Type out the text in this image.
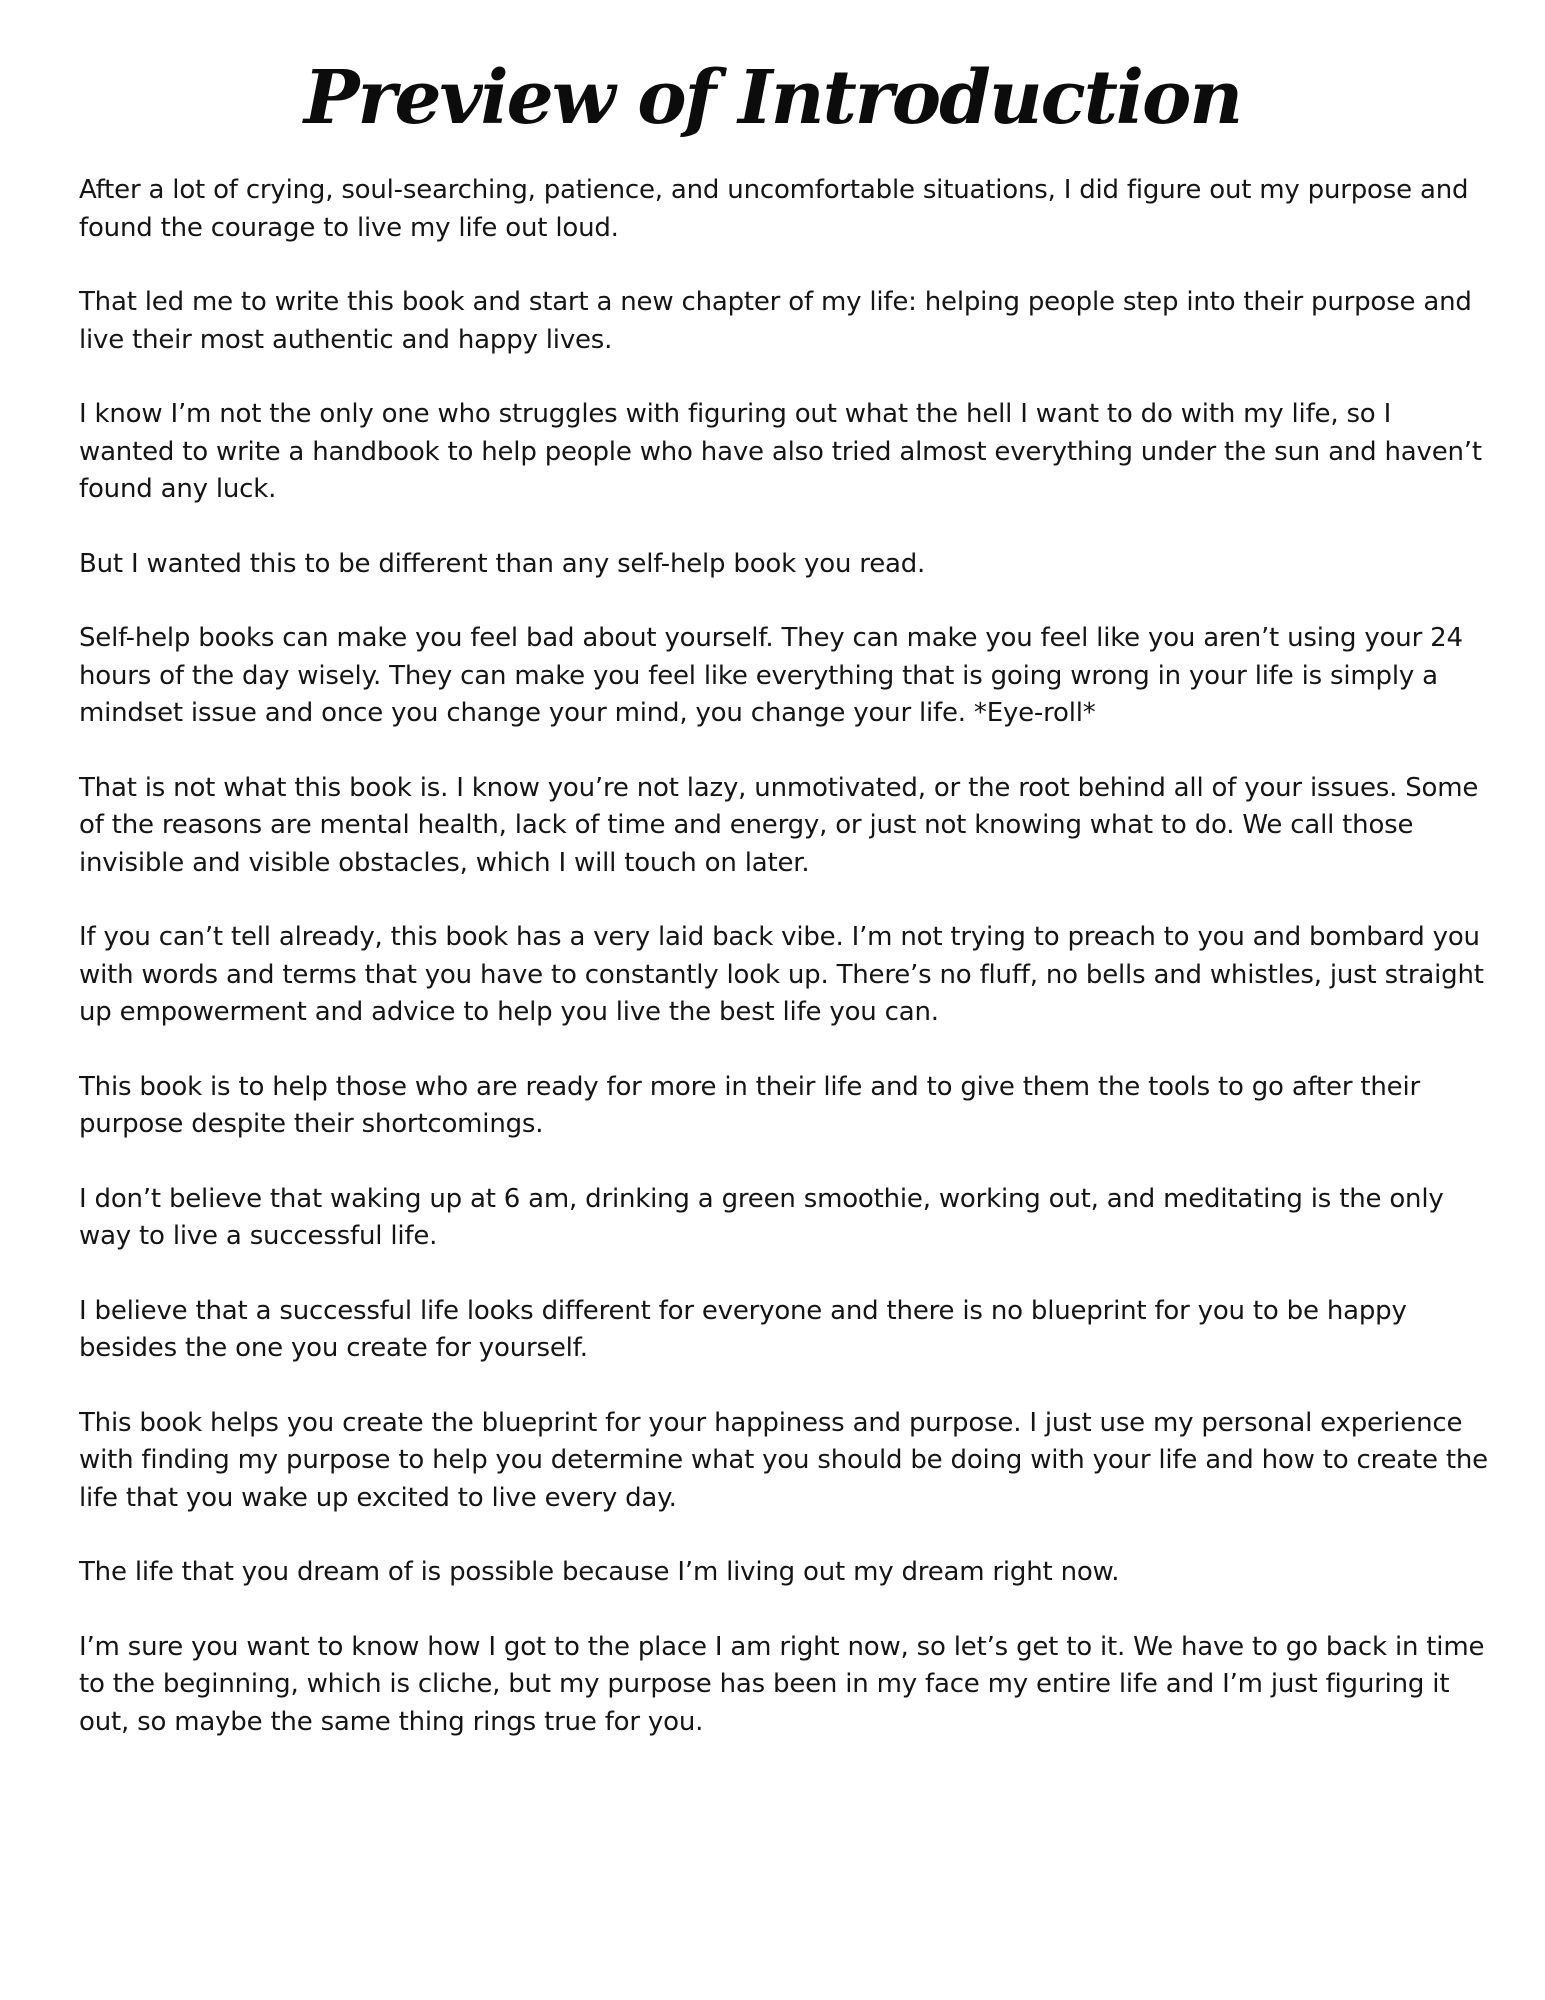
Preview of Introduction

After a lot of crying, soul-searching, patience, and uncomfortable situations, I did figure out my purpose and found the courage to live my life out loud.

That led me to write this book and start a new chapter of my life: helping people step into their purpose and live their most authentic and happy lives.

I know I’m not the only one who struggles with figuring out what the hell I want to do with my life, so I wanted to write a handbook to help people who have also tried almost everything under the sun and haven’t found any luck.

But I wanted this to be different than any self-help book you read.

Self-help books can make you feel bad about yourself. They can make you feel like you aren’t using your 24 hours of the day wisely. They can make you feel like everything that is going wrong in your life is simply a mindset issue and once you change your mind, you change your life. *Eye-roll*

That is not what this book is. I know you’re not lazy, unmotivated, or the root behind all of your issues. Some of the reasons are mental health, lack of time and energy, or just not knowing what to do. We call those invisible and visible obstacles, which I will touch on later.

If you can’t tell already, this book has a very laid back vibe. I’m not trying to preach to you and bombard you with words and terms that you have to constantly look up. There’s no fluff, no bells and whistles, just straight up empowerment and advice to help you live the best life you can.

This book is to help those who are ready for more in their life and to give them the tools to go after their purpose despite their shortcomings.

I don’t believe that waking up at 6 am, drinking a green smoothie, working out, and meditating is the only way to live a successful life.

I believe that a successful life looks different for everyone and there is no blueprint for you to be happy besides the one you create for yourself.

This book helps you create the blueprint for your happiness and purpose. I just use my personal experience with finding my purpose to help you determine what you should be doing with your life and how to create the life that you wake up excited to live every day.

The life that you dream of is possible because I’m living out my dream right now.

I’m sure you want to know how I got to the place I am right now, so let’s get to it. We have to go back in time to the beginning, which is cliche, but my purpose has been in my face my entire life and I’m just figuring it out, so maybe the same thing rings true for you.
